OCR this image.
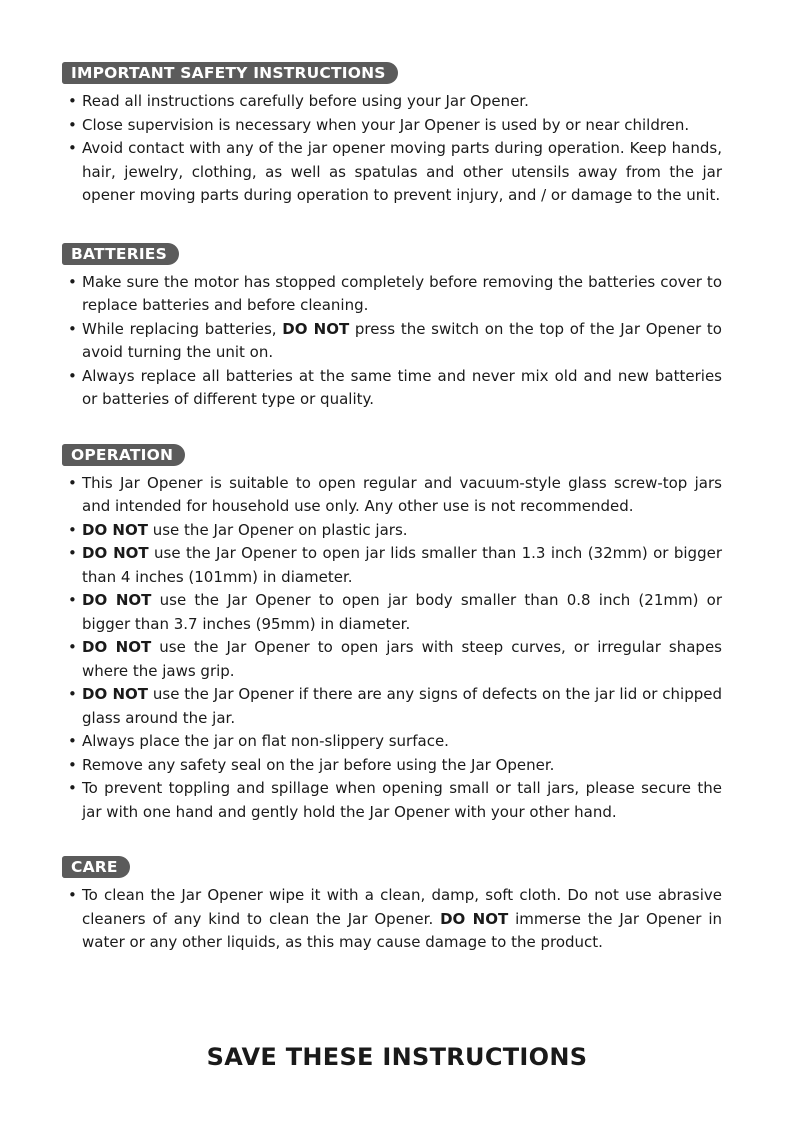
IMPORTANT SAFETY INSTRUCTIONS
• Read all instructions carefully before using your Jar Opener.
• Close supervision is necessary when your Jar Opener is used by or near children.
• Avoid contact with any of the jar opener moving parts during operation. Keep hands, hair, jewelry, clothing, as well as spatulas and other utensils away from the jar opener moving parts during operation to prevent injury, and / or damage to the unit.
BATTERIES
• Make sure the motor has stopped completely before removing the batteries cover to replace batteries and before cleaning.
• While replacing batteries, DO NOT press the switch on the top of the Jar Opener to avoid turning the unit on.
• Always replace all batteries at the same time and never mix old and new batteries or batteries of different type or quality.
OPERATION
• This Jar Opener is suitable to open regular and vacuum-style glass screw-top jars and intended for household use only. Any other use is not recommended.
• DO NOT use the Jar Opener on plastic jars.
• DO NOT use the Jar Opener to open jar lids smaller than 1.3 inch (32mm) or bigger than 4 inches (101mm) in diameter.
• DO NOT use the Jar Opener to open jar body smaller than 0.8 inch (21mm) or bigger than 3.7 inches (95mm) in diameter.
• DO NOT use the Jar Opener to open jars with steep curves, or irregular shapes where the jaws grip.
• DO NOT use the Jar Opener if there are any signs of defects on the jar lid or chipped glass around the jar.
• Always place the jar on flat non-slippery surface.
• Remove any safety seal on the jar before using the Jar Opener.
• To prevent toppling and spillage when opening small or tall jars, please secure the jar with one hand and gently hold the Jar Opener with your other hand.
CARE
• To clean the Jar Opener wipe it with a clean, damp, soft cloth. Do not use abrasive cleaners of any kind to clean the Jar Opener. DO NOT immerse the Jar Opener in water or any other liquids, as this may cause damage to the product.
SAVE THESE INSTRUCTIONS
